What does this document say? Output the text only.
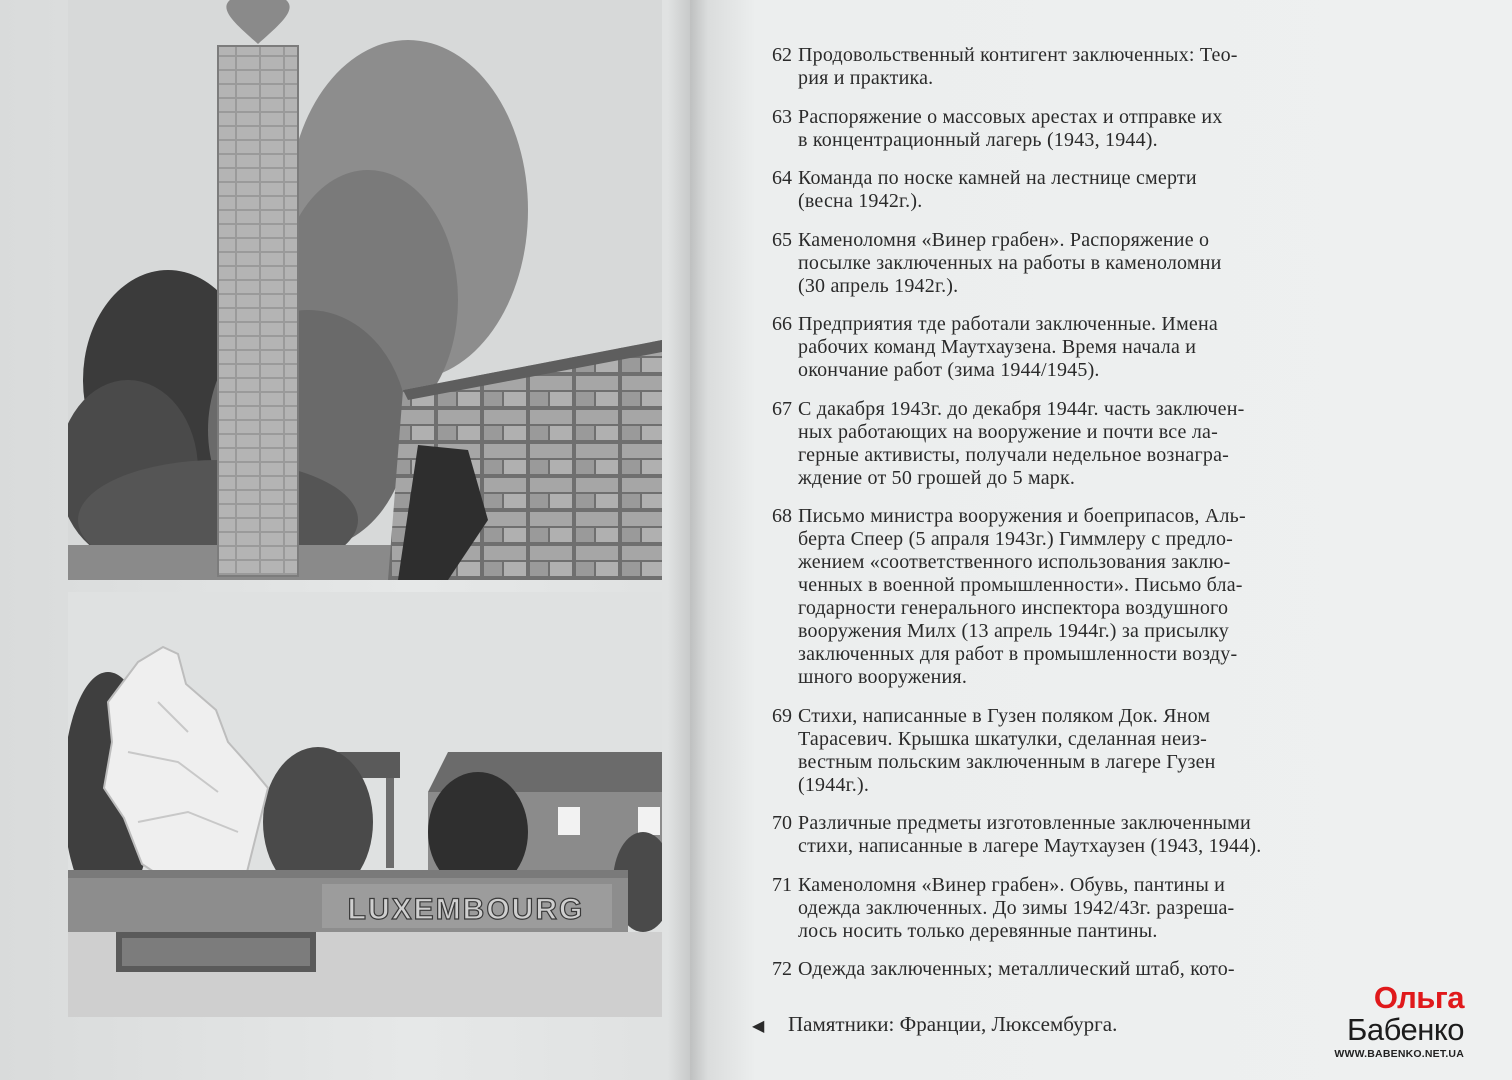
LUXEMBOURG
62 Продовольственный контигент заключенных: Тео-
рия и практика.
63 Распоряжение о массовых арестах и отправке их
в концентрационный лагерь (1943, 1944).
64 Команда по носке камней на лестнице смерти
(весна 1942г.).
65 Каменоломня «Винер грабен». Распоряжение о
посылке заключенных на работы в каменоломни
(30 апрель 1942г.).
66 Предприятия тде работали заключенные. Имена
рабочих команд Маутхаузена. Время начала и
окончание работ (зима 1944/1945).
67 С дакабря 1943г. до декабря 1944г. часть заключен-
ных работающих на вооружение и почти все ла-
герные активисты, получали недельное вознагра-
ждение от 50 грошей до 5 марк.
68 Письмо министра вооружения и боеприпасов, Аль-
берта Спеер (5 апраля 1943г.) Гиммлеру с предло-
жением «соответственного использования заклю-
ченных в военной промышленности». Письмо бла-
годарности генерального инспектора воздушного
вооружения Милх (13 апрель 1944г.) за присылку
заключенных для работ в промышленности возду-
шного вооружения.
69 Стихи, написанные в Гузен поляком Док. Яном
Тарасевич. Крышка шкатулки, сделанная неиз-
вестным польским заключенным в лагере Гузен
(1944г.).
70 Различные предметы изготовленные заключенными
стихи, написанные в лагере Маутхаузен (1943, 1944).
71 Каменоломня «Винер грабен». Обувь, пантины и
одежда заключенных. До зимы 1942/43г. разреша-
лось носить только деревянные пантины.
72 Одежда заключенных; металлический штаб, кото-
◀ Памятники: Франции, Люксембурга.
Ольга Бабенко
WWW.BABENKO.NET.UA
